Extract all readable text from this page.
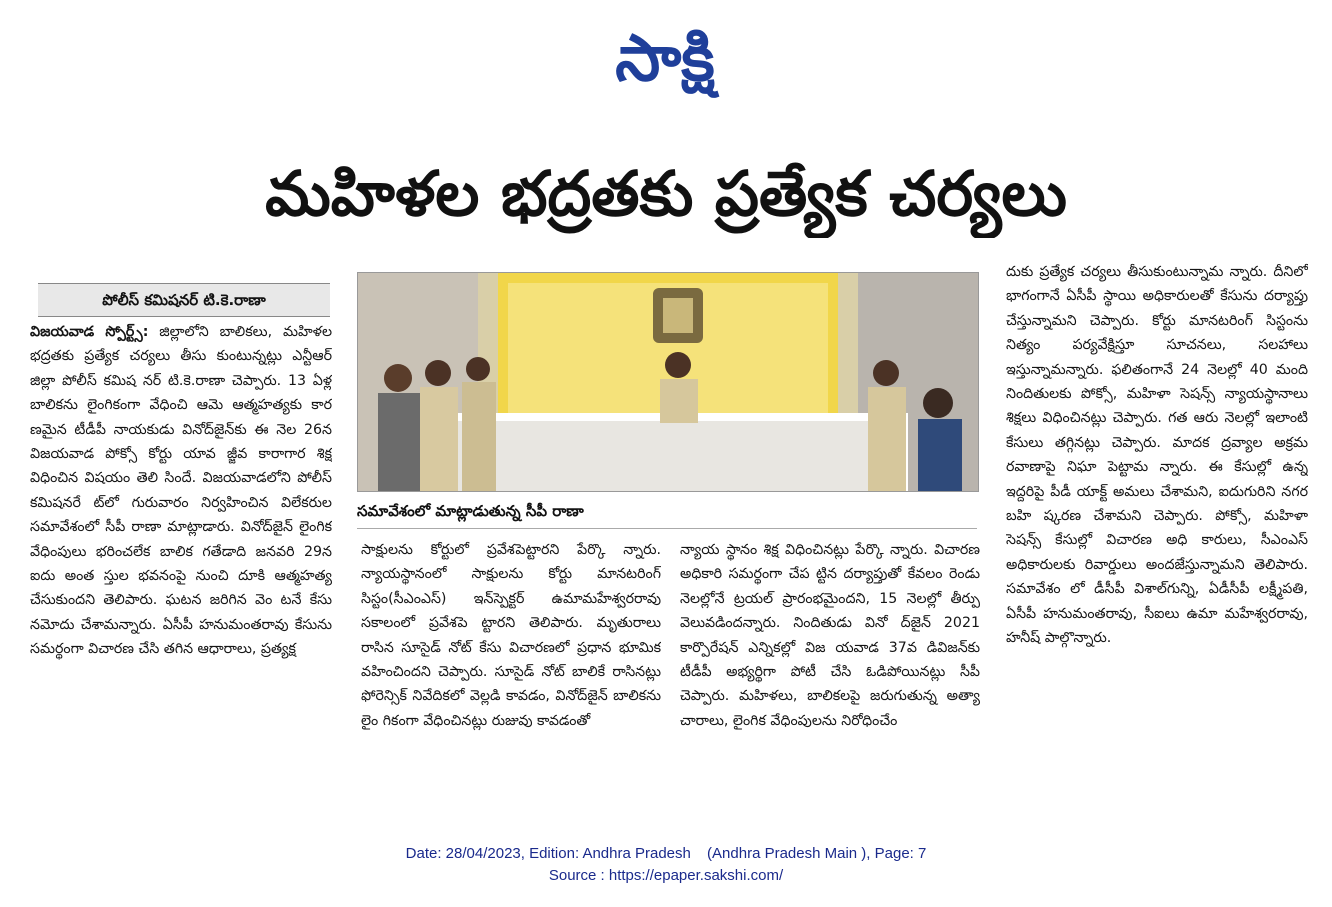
సాక్షి
మహిళల భద్రతకు ప్రత్యేక చర్యలు
పోలీస్‌ కమిషనర్‌ టి.కె.రాణా

విజయవాడ స్పోర్ట్స్‌: జిల్లాలోని బాలికలు, మహిళల భద్రతకు ప్రత్యేక చర్యలు తీసు కుంటున్నట్లు ఎన్టీఆర్‌ జిల్లా పోలీస్‌ కమిష నర్‌ టి.కె.రాణా చెప్పారు. 13 ఏళ్ల బాలికను లైంగికంగా వేధించి ఆమె ఆత్మహత్యకు కార ణమైన టీడీపీ నాయకుడు వినోద్‌జైన్‌కు ఈ నెల 26న విజయవాడ పోక్సో కోర్టు యావ జ్జీవ కారాగార శిక్ష విధించిన విషయం తెలి సిందే. విజయవాడలోని పోలీస్‌ కమిషనరే ట్‌లో గురువారం నిర్వహించిన విలేకరుల సమావేశంలో సీపీ రాణా మాట్లాడారు. వినోద్‌జైన్‌ లైంగిక వేధింపులు భరించలేక బాలిక గతేడాది జనవరి 29న ఐదు అంత స్తుల భవనంపై నుంచి దూకి ఆత్మహత్య చేసుకుందని తెలిపారు. ఘటన జరిగిన వెం టనే కేసు నమోదు చేశామన్నారు. ఏసీపీ హనుమంతరావు కేసును సమర్థంగా విచారణ చేసి తగిన ఆధారాలు, ప్రత్యక్ష

సమావేశంలో మాట్లాడుతున్న సీపీ రాణా

సాక్షులను కోర్టులో ప్రవేశపెట్టారని పేర్కొ న్నారు. న్యాయస్థానంలో సాక్షులను కోర్టు మానటరింగ్‌ సిస్టం(సీఎంఎస్‌) ఇన్‌స్పెక్టర్‌ ఉమామహేశ్వరరావు సకాలంలో ప్రవేశపె ట్టారని తెలిపారు. మృతురాలు రాసిన సూసైడ్‌ నోట్‌ కేసు విచారణలో ప్రధాన భూమిక వహించిందని చెప్పారు. సూసైడ్‌ నోట్‌ బాలికే రాసినట్లు ఫోరెన్సిక్‌ నివేదికలో వెల్లడి కావడం, వినోద్‌జైన్‌ బాలికను లైం గికంగా వేధించినట్లు రుజువు కావడంతో

న్యాయ స్థానం శిక్ష విధించినట్లు పేర్కొ న్నారు. విచారణ అధికారి సమర్థంగా చేప ట్టిన దర్యాప్తుతో కేవలం రెండు నెలల్లోనే ట్రయల్‌ ప్రారంభమైందని, 15 నెలల్లో తీర్పు వెలువడిందన్నారు. నిందితుడు వినో ద్‌జైన్‌ 2021 కార్పొరేషన్‌ ఎన్నికల్లో విజ యవాడ 37వ డివిజన్‌కు టీడీపీ అభ్యర్థిగా పోటీ చేసి ఓడిపోయినట్లు సీపీ చెప్పారు. మహిళలు, బాలికలపై జరుగుతున్న అత్యా చారాలు, లైంగిక వేధింపులను నిరోధించేం

దుకు ప్రత్యేక చర్యలు తీసుకుంటున్నామ న్నారు. దీనిలో భాగంగానే ఏసీపీ స్థాయి అధికారులతో కేసును దర్యాప్తు చేస్తున్నామని చెప్పారు. కోర్టు మానటరింగ్‌ సిస్టంను నిత్యం పర్యవేక్షిస్తూ సూచనలు, సలహాలు ఇస్తున్నామన్నారు. ఫలితంగానే 24 నెలల్లో 40 మంది నిందితులకు పోక్సో, మహిళా సెషన్స్‌ న్యాయస్థానాలు శిక్షలు విధించినట్లు చెప్పారు. గత ఆరు నెలల్లో ఇలాంటి కేసులు తగ్గినట్లు చెప్పారు. మాదక ద్రవ్యాల అక్రమ రవాణాపై నిఘా పెట్టామ న్నారు. ఈ కేసుల్లో ఉన్న ఇద్దరిపై పీడీ యాక్ట్‌ అమలు చేశామని, ఐదుగురిని నగర బహి ష్కరణ చేశామని చెప్పారు. పోక్సో, మహిళా సెషన్స్‌ కేసుల్లో విచారణ అధి కారులు, సీఎంఎస్‌ అధికారులకు రివార్డులు అందజేస్తున్నామని తెలిపారు. సమావేశం లో డీసీపీ విశాల్‌గున్ని, ఏడీసీపీ లక్ష్మీపతి, ఏసీపీ హనుమంతరావు, సీఐలు ఉమా మహేశ్వరరావు, హనీష్‌ పాల్గొన్నారు.

Date: 28/04/2023, Edition: Andhra Pradesh (Andhra Pradesh Main ), Page: 7
Source : https://epaper.sakshi.com/
